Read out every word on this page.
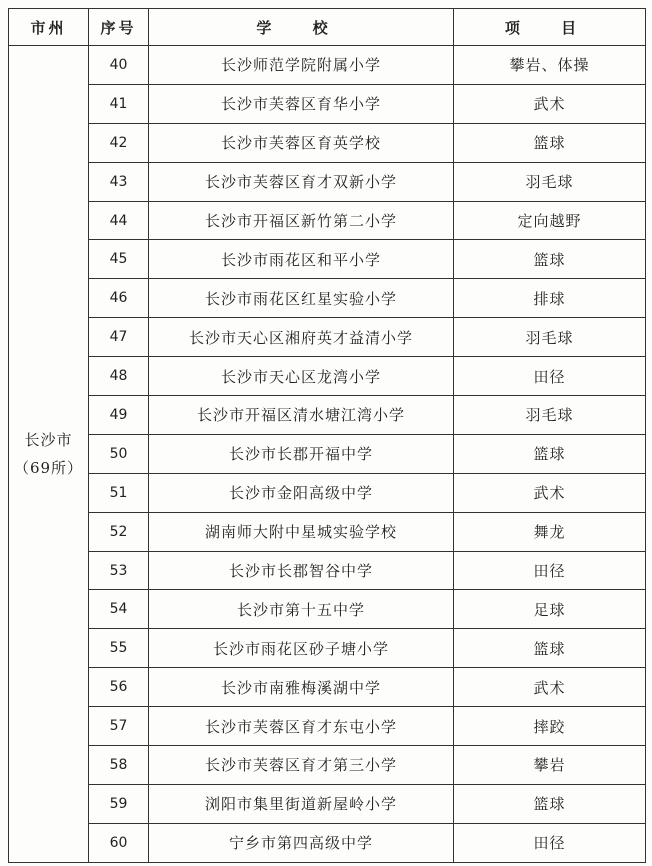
市州	序号	学 校	项 目

长沙市
（69所）	40	长沙师范学院附属小学	攀岩、体操
	41	长沙市芙蓉区育华小学	武术
	42	长沙市芙蓉区育英学校	篮球
	43	长沙市芙蓉区育才双新小学	羽毛球
	44	长沙市开福区新竹第二小学	定向越野
	45	长沙市雨花区和平小学	篮球
	46	长沙市雨花区红星实验小学	排球
	47	长沙市天心区湘府英才益清小学	羽毛球
	48	长沙市天心区龙湾小学	田径
	49	长沙市开福区清水塘江湾小学	羽毛球
	50	长沙市长郡开福中学	篮球
	51	长沙市金阳高级中学	武术
	52	湖南师大附中星城实验学校	舞龙
	53	长沙市长郡智谷中学	田径
	54	长沙市第十五中学	足球
	55	长沙市雨花区砂子塘小学	篮球
	56	长沙市南雅梅溪湖中学	武术
	57	长沙市芙蓉区育才东屯小学	摔跤
	58	长沙市芙蓉区育才第三小学	攀岩
	59	浏阳市集里街道新屋岭小学	篮球
	60	宁乡市第四高级中学	田径
